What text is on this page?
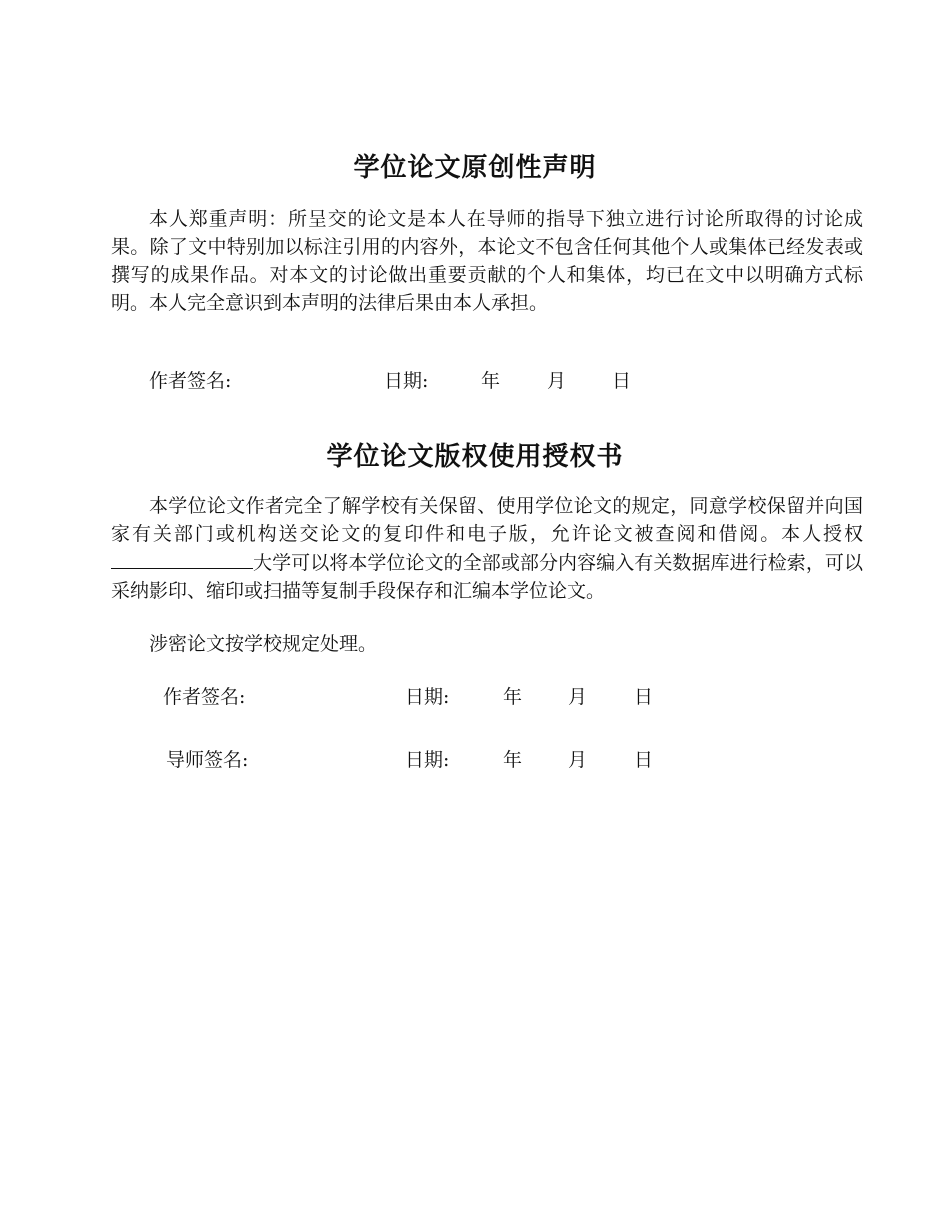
学位论文原创性声明

本人郑重声明：所呈交的论文是本人在导师的指导下独立进行讨论所取得的讨论成果。除了文中特别加以标注引用的内容外，本论文不包含任何其他个人或集体已经发表或撰写的成果作品。对本文的讨论做出重要贡献的个人和集体，均已在文中以明确方式标明。本人完全意识到本声明的法律后果由本人承担。

作者签名:	日期:	年 月 日
学位论文版权使用授权书

本学位论文作者完全了解学校有关保留、使用学位论文的规定，同意学校保留并向国家有关部门或机构送交论文的复印件和电子版，允许论文被查阅和借阅。本人授权大学可以将本学位论文的全部或部分内容编入有关数据库进行检索，可以采纳影印、缩印或扫描等复制手段保存和汇编本学位论文。

涉密论文按学校规定处理。

作者签名:	日期:	年 月 日
导师签名:	日期:	年 月 日
